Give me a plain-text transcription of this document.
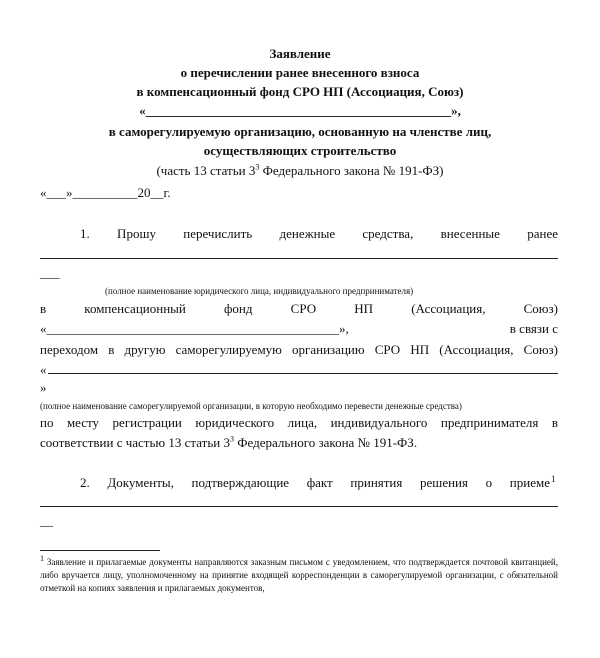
Заявление
о перечислении ранее внесенного взноса
в компенсационный фонд СРО НП (Ассоциация, Союз)
«_______________________________________________»,
в саморегулируемую организацию, основанную на членстве лиц,
осуществляющих строительство
(часть 13 статьи $3^3$ Федерального закона № 191-ФЗ)
«___»__________20__г.
1. Прошу перечислить денежные средства, внесенные ранее
___
(полное наименование юридического лица, индивидуального предпринимателя)
в компенсационный фонд СРО НП (Ассоциация, Союз)
«_____________________________________________»,	в связи с
переходом в другую саморегулируемую организацию СРО НП (Ассоциация, Союз)
«
»
(полное наименование саморегулируемой организации, в которую необходимо перевести денежные средства)
по месту регистрации юридического лица, индивидуального предпринимателя в
соответствии с частью 13 статьи $3^3$ Федерального закона № 191-ФЗ.
2. Документы, подтверждающие факт принятия решения о приеме 1
__
$^1$ Заявление и прилагаемые документы направляются заказным письмом с уведомлением, что подтверждается почтовой квитанцией, либо вручается лицу, уполномоченному на принятие входящей корреспонденции в саморегулируемой организации, с обязательной отметкой на копиях заявления и прилагаемых документов,
